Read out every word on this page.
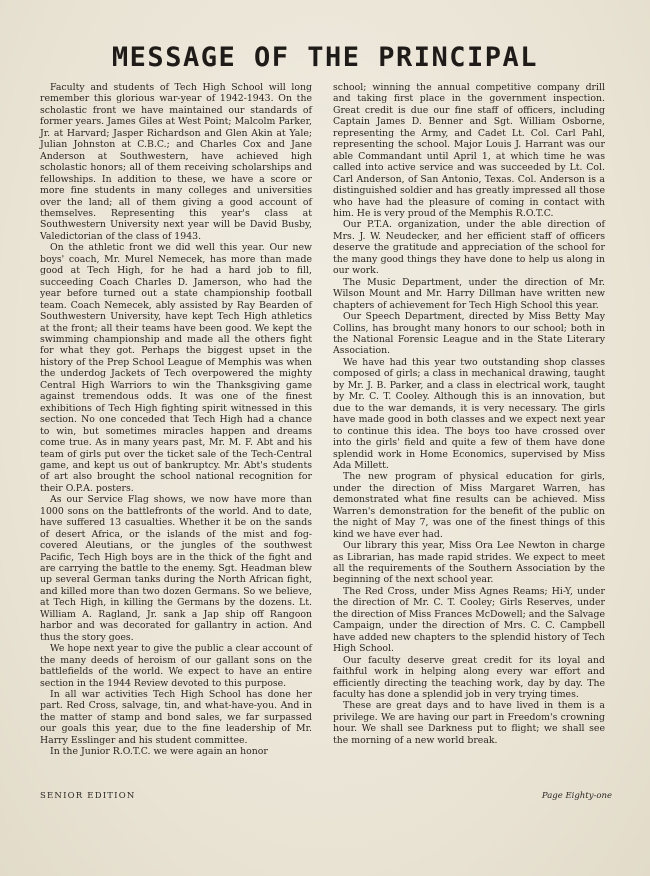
MESSAGE OF THE PRINCIPAL

Faculty and students of Tech High School will long remember this glorious war-year of 1942-1943. On the scholastic front we have maintained our standards of former years. James Giles at West Point; Malcolm Parker, Jr. at Harvard; Jasper Richardson and Glen Akin at Yale; Julian Johnston at C.B.C.; and Charles Cox and Jane Anderson at Southwestern, have achieved high scholastic honors; all of them receiving scholarships and fellowships. In addition to these, we have a score or more fine students in many colleges and universities over the land; all of them giving a good account of themselves. Representing this year's class at Southwestern University next year will be David Busby, Valedictorian of the class of 1943.

On the athletic front we did well this year. Our new boys' coach, Mr. Murel Nemecek, has more than made good at Tech High, for he had a hard job to fill, succeeding Coach Charles D. Jamerson, who had the year before turned out a state championship football team. Coach Nemecek, ably assisted by Ray Bearden of Southwestern University, have kept Tech High athletics at the front; all their teams have been good. We kept the swimming championship and made all the others fight for what they got. Perhaps the biggest upset in the history of the Prep School League of Memphis was when the underdog Jackets of Tech overpowered the mighty Central High Warriors to win the Thanksgiving game against tremendous odds. It was one of the finest exhibitions of Tech High fighting spirit witnessed in this section. No one conceded that Tech High had a chance to win, but sometimes miracles happen and dreams come true. As in many years past, Mr. M. F. Abt and his team of girls put over the ticket sale of the Tech-Central game, and kept us out of bankruptcy. Mr. Abt's students of art also brought the school national recognition for their O.P.A. posters.

As our Service Flag shows, we now have more than 1000 sons on the battlefronts of the world. And to date, have suffered 13 casualties. Whether it be on the sands of desert Africa, or the islands of the mist and fog-covered Aleutians, or the jungles of the southwest Pacific, Tech High boys are in the thick of the fight and are carrying the battle to the enemy. Sgt. Headman blew up several German tanks during the North African fight, and killed more than two dozen Germans. So we believe, at Tech High, in killing the Germans by the dozens. Lt. William A. Ragland, Jr. sank a Jap ship off Rangoon harbor and was decorated for gallantry in action. And thus the story goes.

We hope next year to give the public a clear account of the many deeds of heroism of our gallant sons on the battlefields of the world. We expect to have an entire section in the 1944 Review devoted to this purpose.

In all war activities Tech High School has done her part. Red Cross, salvage, tin, and what-have-you. And in the matter of stamp and bond sales, we far surpassed our goals this year, due to the fine leadership of Mr. Harry Esslinger and his student committee.

In the Junior R.O.T.C. we were again an honor

school; winning the annual competitive company drill and taking first place in the government inspection. Great credit is due our fine staff of officers, including Captain James D. Benner and Sgt. William Osborne, representing the Army, and Cadet Lt. Col. Carl Pahl, representing the school. Major Louis J. Harrant was our able Commandant until April 1, at which time he was called into active service and was succeeded by Lt. Col. Carl Anderson, of San Antonio, Texas. Col. Anderson is a distinguished soldier and has greatly impressed all those who have had the pleasure of coming in contact with him. He is very proud of the Memphis R.O.T.C.

Our P.T.A. organization, under the able direction of Mrs. J. W. Neudecker, and her efficient staff of officers deserve the gratitude and appreciation of the school for the many good things they have done to help us along in our work.

The Music Department, under the direction of Mr. Wilson Mount and Mr. Harry Dillman have written new chapters of achievement for Tech High School this year.

Our Speech Department, directed by Miss Betty May Collins, has brought many honors to our school; both in the National Forensic League and in the State Literary Association.

We have had this year two outstanding shop classes composed of girls; a class in mechanical drawing, taught by Mr. J. B. Parker, and a class in electrical work, taught by Mr. C. T. Cooley. Although this is an innovation, but due to the war demands, it is very necessary. The girls have made good in both classes and we expect next year to continue this idea. The boys too have crossed over into the girls' field and quite a few of them have done splendid work in Home Economics, supervised by Miss Ada Millett.

The new program of physical education for girls, under the direction of Miss Margaret Warren, has demonstrated what fine results can be achieved. Miss Warren's demonstration for the benefit of the public on the night of May 7, was one of the finest things of this kind we have ever had.

Our library this year, Miss Ora Lee Newton in charge as Librarian, has made rapid strides. We expect to meet all the requirements of the Southern Association by the beginning of the next school year.

The Red Cross, under Miss Agnes Reams; Hi-Y, under the direction of Mr. C. T. Cooley; Girls Reserves, under the direction of Miss Frances McDowell; and the Salvage Campaign, under the direction of Mrs. C. C. Campbell have added new chapters to the splendid history of Tech High School.

Our faculty deserve great credit for its loyal and faithful work in helping along every war effort and efficiently directing the teaching work, day by day. The faculty has done a splendid job in very trying times.

These are great days and to have lived in them is a privilege. We are having our part in Freedom's crowning hour. We shall see Darkness put to flight; we shall see the morning of a new world break.

SENIOR EDITION	Page Eighty-one
